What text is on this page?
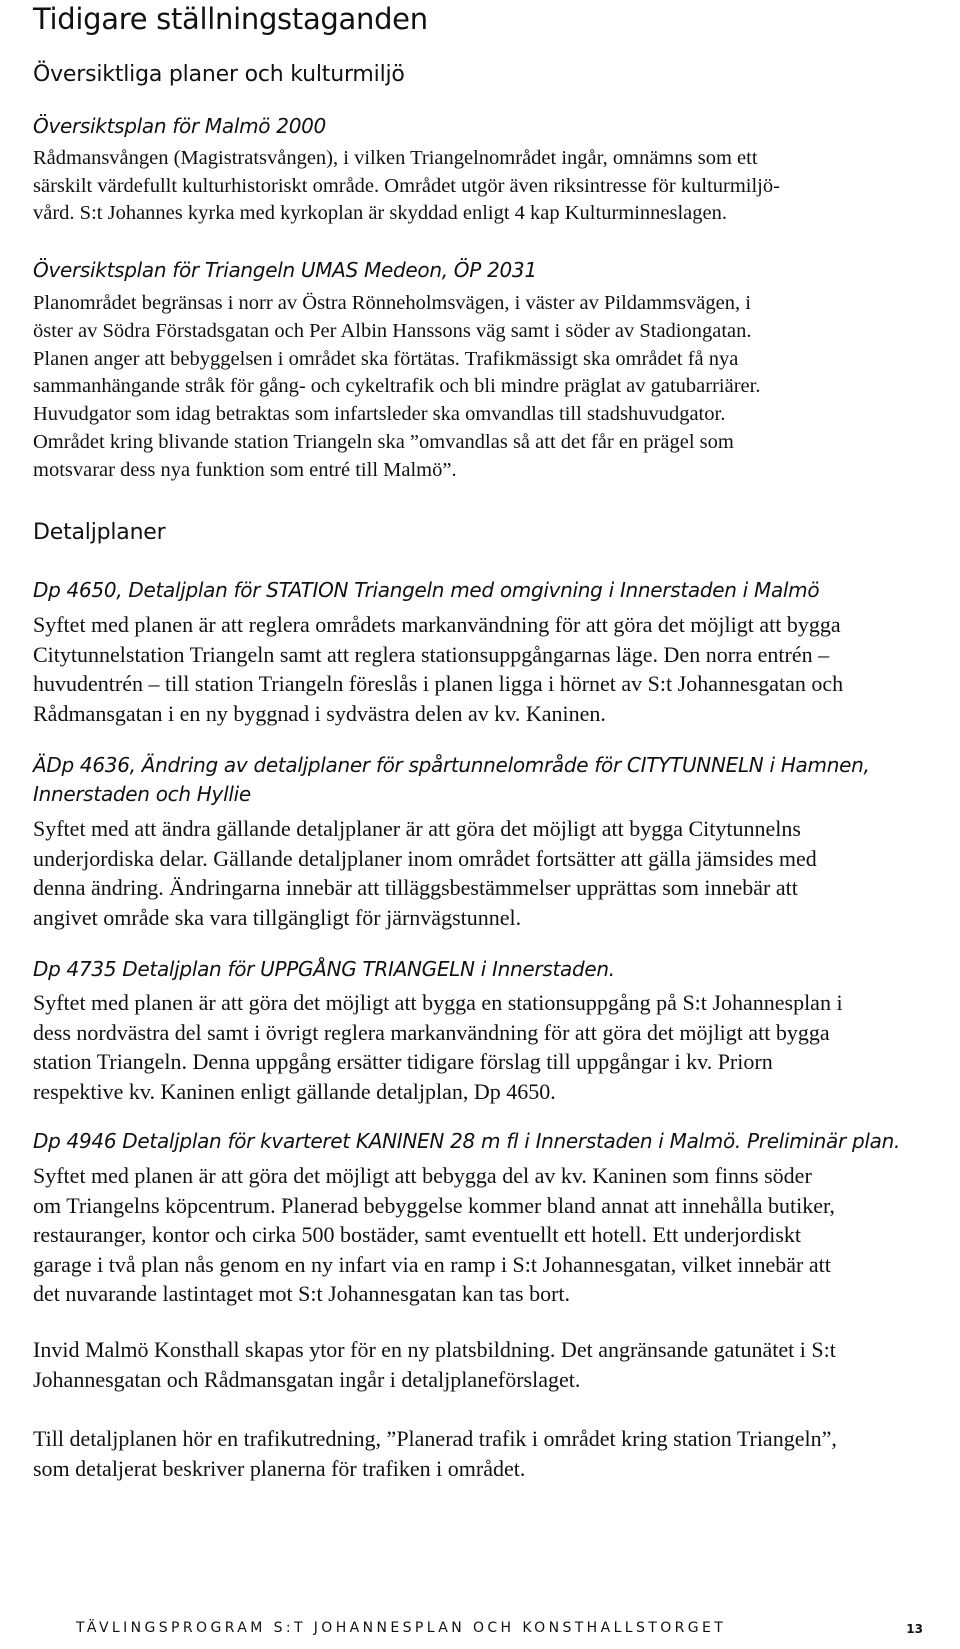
Tidigare ställningstaganden
Översiktliga planer och kulturmiljö
Översiktsplan för Malmö 2000

Rådmansvången (Magistratsvången), i vilken Triangelnområdet ingår, omnämns som ett
särskilt värdefullt kulturhistoriskt område. Området utgör även riksintresse för kulturmiljö-
vård. S:t Johannes kyrka med kyrkoplan är skyddad enligt 4 kap Kulturminneslagen.

Översiktsplan för Triangeln UMAS Medeon, ÖP 2031

Planområdet begränsas i norr av Östra Rönneholmsvägen, i väster av Pildammsvägen, i
öster av Södra Förstadsgatan och Per Albin Hanssons väg samt i söder av Stadiongatan.
Planen anger att bebyggelsen i området ska förtätas. Trafikmässigt ska området få nya
sammanhängande stråk för gång- och cykeltrafik och bli mindre präglat av gatubarriärer.
Huvudgator som idag betraktas som infartsleder ska omvandlas till stadshuvudgator.
Området kring blivande station Triangeln ska ”omvandlas så att det får en prägel som
motsvarar dess nya funktion som entré till Malmö”.

Detaljplaner
Dp 4650, Detaljplan för STATION Triangeln med omgivning i Innerstaden i Malmö

Syftet med planen är att reglera områdets markanvändning för att göra det möjligt att bygga
Citytunnelstation Triangeln samt att reglera stationsuppgångarnas läge. Den norra entrén –
huvudentrén – till station Triangeln föreslås i planen ligga i hörnet av S:t Johannesgatan och
Rådmansgatan i en ny byggnad i sydvästra delen av kv. Kaninen.

ÄDp 4636, Ändring av detaljplaner för spårtunnelområde för CITYTUNNELN i Hamnen,
Innerstaden och Hyllie

Syftet med att ändra gällande detaljplaner är att göra det möjligt att bygga Citytunnelns
underjordiska delar. Gällande detaljplaner inom området fortsätter att gälla jämsides med
denna ändring. Ändringarna innebär att tilläggsbestämmelser upprättas som innebär att
angivet område ska vara tillgängligt för järnvägstunnel.

Dp 4735 Detaljplan för UPPGÅNG TRIANGELN i Innerstaden.

Syftet med planen är att göra det möjligt att bygga en stationsuppgång på S:t Johannesplan i
dess nordvästra del samt i övrigt reglera markanvändning för att göra det möjligt att bygga
station Triangeln. Denna uppgång ersätter tidigare förslag till uppgångar i kv. Priorn
respektive kv. Kaninen enligt gällande detaljplan, Dp 4650.

Dp 4946 Detaljplan för kvarteret KANINEN 28 m fl i Innerstaden i Malmö. Preliminär plan.

Syftet med planen är att göra det möjligt att bebygga del av kv. Kaninen som finns söder
om Triangelns köpcentrum. Planerad bebyggelse kommer bland annat att innehålla butiker,
restauranger, kontor och cirka 500 bostäder, samt eventuellt ett hotell. Ett underjordiskt
garage i två plan nås genom en ny infart via en ramp i S:t Johannesgatan, vilket innebär att
det nuvarande lastintaget mot S:t Johannesgatan kan tas bort.

Invid Malmö Konsthall skapas ytor för en ny platsbildning. Det angränsande gatunätet i S:t
Johannesgatan och Rådmansgatan ingår i detaljplaneförslaget.

Till detaljplanen hör en trafikutredning, ”Planerad trafik i området kring station Triangeln”,
som detaljerat beskriver planerna för trafiken i området.

TÄVLINGSPROGRAM S:T JOHANNESPLAN OCH KONSTHALLSTORGET	13
